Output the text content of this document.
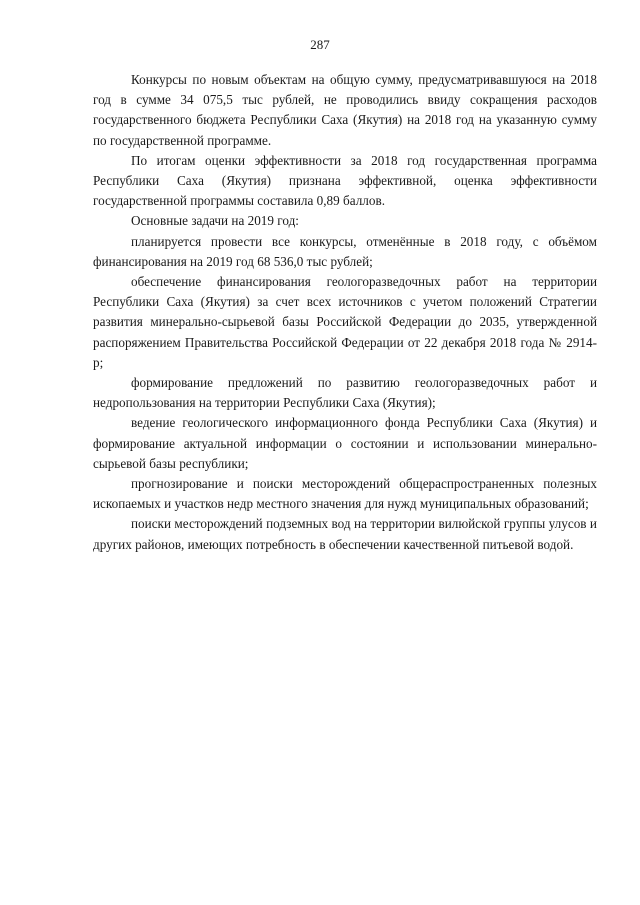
287

Конкурсы по новым объектам на общую сумму, предусматривавшуюся на 2018 год в сумме 34 075,5 тыс рублей, не проводились ввиду сокращения расходов государственного бюджета Республики Саха (Якутия) на 2018 год на указанную сумму по государственной программе.

По итогам оценки эффективности за 2018 год государственная программа Республики Саха (Якутия) признана эффективной, оценка эффективности государственной программы составила 0,89 баллов.

Основные задачи на 2019 год:

планируется провести все конкурсы, отменённые в 2018 году, с объёмом финансирования на 2019 год 68 536,0 тыс рублей;

обеспечение финансирования геологоразведочных работ на территории Республики Саха (Якутия) за счет всех источников с учетом положений Стратегии развития минерально-сырьевой базы Российской Федерации до 2035, утвержденной распоряжением Правительства Российской Федерации от 22 декабря 2018 года № 2914-р;

формирование предложений по развитию геологоразведочных работ и недропользования на территории Республики Саха (Якутия);

ведение геологического информационного фонда Республики Саха (Якутия) и формирование актуальной информации о состоянии и использовании минерально-сырьевой базы республики;

прогнозирование и поиски месторождений общераспространенных полезных ископаемых и участков недр местного значения для нужд муниципальных образований;

поиски месторождений подземных вод на территории вилюйской группы улусов и других районов, имеющих потребность в обеспечении качественной питьевой водой.
